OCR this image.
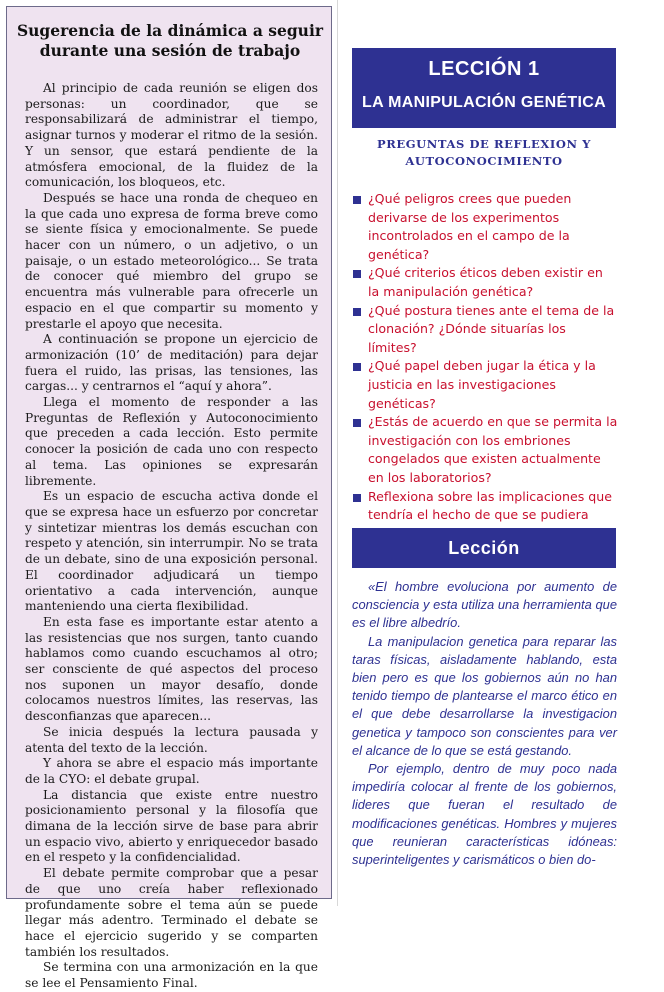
Sugerencia de la dinámica a seguir
durante una sesión de trabajo

Al principio de cada reunión se eligen dos personas: un coordinador, que se responsabilizará de administrar el tiempo, asignar turnos y moderar el ritmo de la sesión. Y un sensor, que estará pendiente de la atmósfera emocional, de la fluidez de la comunicación, los bloqueos, etc.

Después se hace una ronda de chequeo en la que cada uno expresa de forma breve como se siente física y emocionalmente. Se puede hacer con un número, o un adjetivo, o un paisaje, o un estado meteorológico... Se trata de conocer qué miembro del grupo se encuentra más vulnerable para ofrecerle un espacio en el que compartir su momento y prestarle el apoyo que necesita.

A continuación se propone un ejercicio de armonización (10’ de meditación) para dejar fuera el ruido, las prisas, las tensiones, las cargas... y centrarnos el “aquí y ahora”.

Llega el momento de responder a las Preguntas de Reflexión y Autoconocimiento que preceden a cada lección. Esto permite conocer la posición de cada uno con respecto al tema. Las opiniones se expresarán libremente.

Es un espacio de escucha activa donde el que se expresa hace un esfuerzo por concretar y sintetizar mientras los demás escuchan con respeto y atención, sin interrumpir. No se trata de un debate, sino de una exposición personal. El coordinador adjudicará un tiempo orientativo a cada intervención, aunque manteniendo una cierta flexibilidad.

En esta fase es importante estar atento a las resistencias que nos surgen, tanto cuando hablamos como cuando escuchamos al otro; ser consciente de qué aspectos del proceso nos suponen un mayor desafío, donde colocamos nuestros límites, las reservas, las desconfianzas que aparecen...

Se inicia después la lectura pausada y atenta del texto de la lección.

Y ahora se abre el espacio más importante de la CYO: el debate grupal.

La distancia que existe entre nuestro posicionamiento personal y la filosofía que dimana de la lección sirve de base para abrir un espacio vivo, abierto y enriquecedor basado en el respeto y la confidencialidad.

El debate permite comprobar que a pesar de que uno creía haber reflexionado profundamente sobre el tema aún se puede llegar más adentro. Terminado el debate se hace el ejercicio sugerido y se comparten también los resultados.

Se termina con una armonización en la que se lee el Pensamiento Final.

LECCIÓN 1
LA MANIPULACIÓN GENÉTICA
PREGUNTAS DE REFLEXION Y
AUTOCONOCIMIENTO
¿Qué peligros crees que pueden derivarse de los experimentos incontrolados en el campo de la genética?
¿Qué criterios éticos deben existir en la manipulación genética?
¿Qué postura tienes ante el tema de la clonación? ¿Dónde situarías los límites?
¿Qué papel deben jugar la ética y la justicia en las investigaciones genéticas?
¿Estás de acuerdo en que se permita la investigación con los embriones congelados que existen actualmente en los laboratorios?
Reflexiona sobre las implicaciones que tendría el hecho de que se pudiera
Lección

«El hombre evoluciona por aumento de consciencia y esta utiliza una herramienta que es el libre albedrío.

La manipulacion genetica para reparar las taras físicas, aisladamente hablando, esta bien pero es que los gobiernos aún no han tenido tiempo de plantearse el marco ético en el que debe desarrollarse la investigacion genetica y tampoco son conscientes para ver el alcance de lo que se está gestando.

Por ejemplo, dentro de muy poco nada impediría colocar al frente de los gobiernos, lideres que fueran el resultado de modificaciones genéticas. Hombres y mujeres que reunieran características idóneas: superinteligentes y carismáticos o bien do-
